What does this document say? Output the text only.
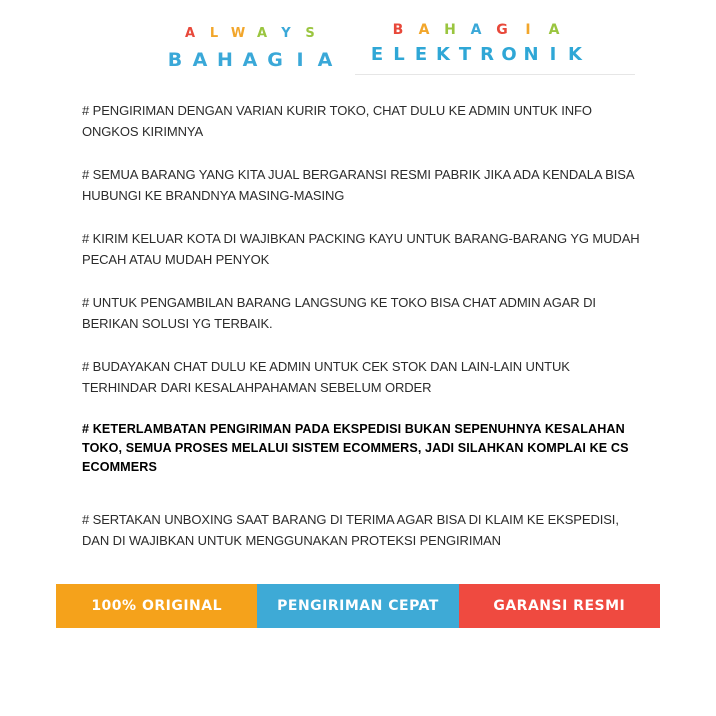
A	L W A	Y	S
B A H A G I A
B	A	H	A	G	I	A
E L E K T R O N I K

# PENGIRIMAN DENGAN VARIAN KURIR TOKO, CHAT DULU KE ADMIN UNTUK INFO ONGKOS KIRIMNYA

# SEMUA BARANG YANG KITA JUAL BERGARANSI RESMI PABRIK JIKA ADA KENDALA BISA HUBUNGI KE BRANDNYA MASING-MASING

# KIRIM KELUAR KOTA DI WAJIBKAN PACKING KAYU UNTUK BARANG-BARANG YG MUDAH PECAH ATAU MUDAH PENYOK

# UNTUK PENGAMBILAN BARANG LANGSUNG KE TOKO BISA CHAT ADMIN AGAR DI BERIKAN SOLUSI YG TERBAIK.

# BUDAYAKAN CHAT DULU KE ADMIN UNTUK CEK STOK DAN LAIN-LAIN UNTUK TERHINDAR DARI KESALAHPAHAMAN SEBELUM ORDER

# KETERLAMBATAN PENGIRIMAN PADA EKSPEDISI BUKAN SEPENUHNYA KESALAHAN TOKO, SEMUA PROSES MELALUI SISTEM ECOMMERS, JADI SILAHKAN KOMPLAI KE CS ECOMMERS

# SERTAKAN UNBOXING SAAT BARANG DI TERIMA AGAR BISA DI KLAIM KE EKSPEDISI, DAN DI WAJIBKAN UNTUK MENGGUNAKAN PROTEKSI PENGIRIMAN

100% ORIGINAL	PENGIRIMAN CEPAT	GARANSI RESMI
